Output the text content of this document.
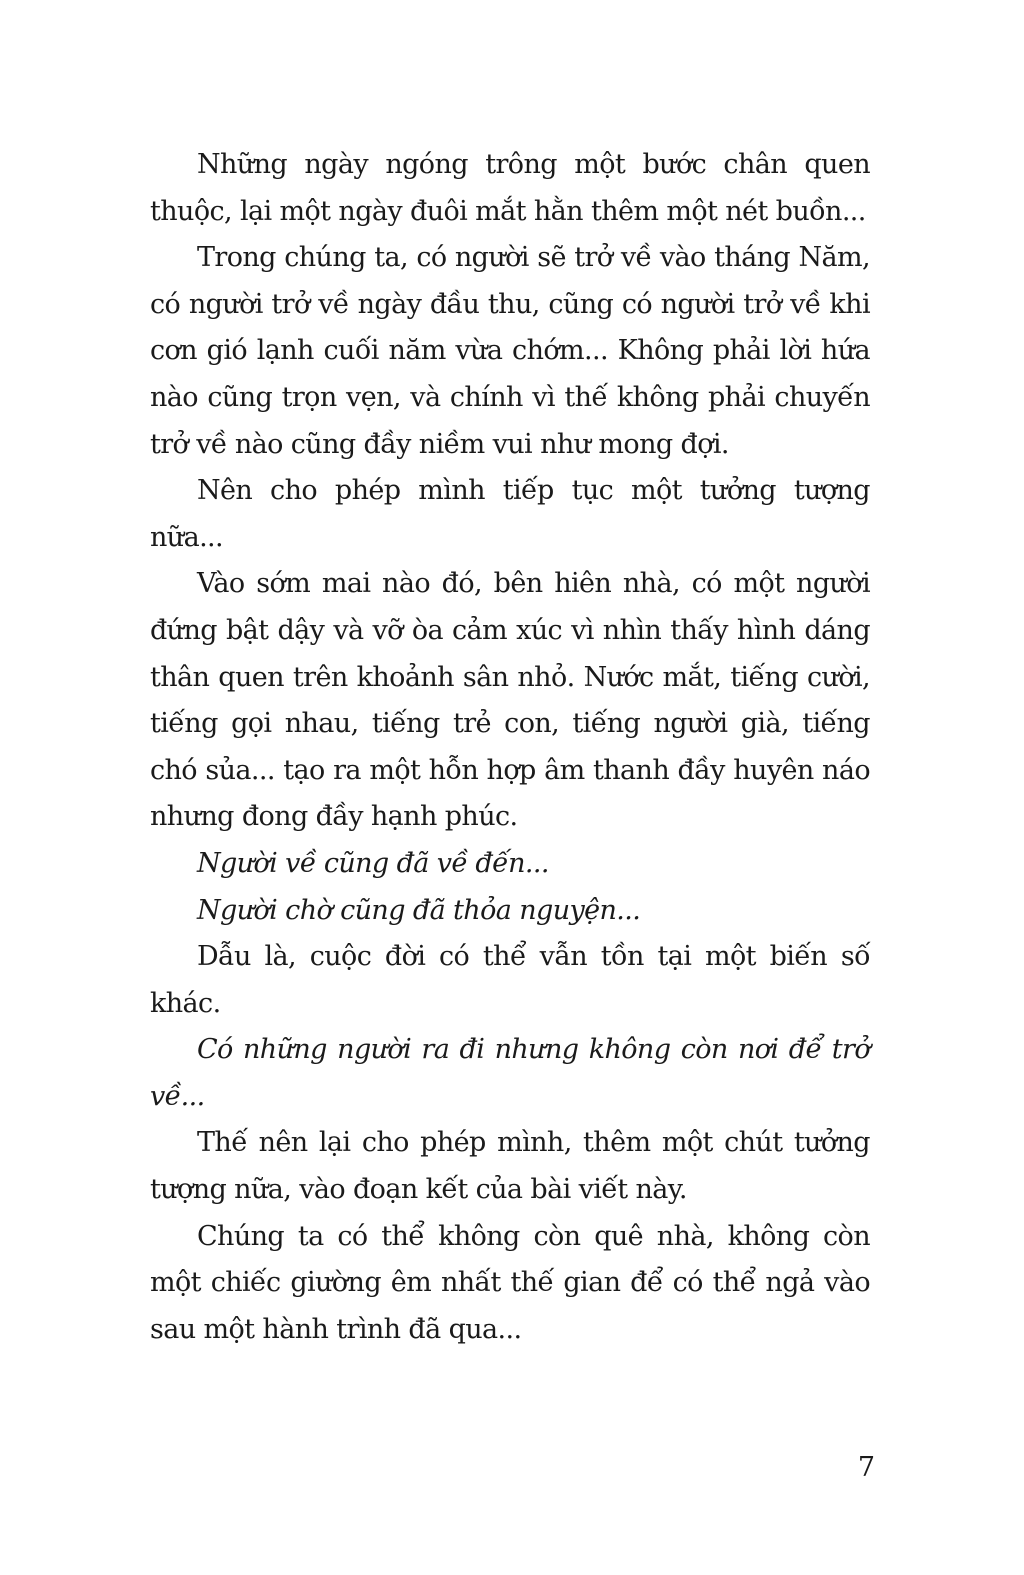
Những ngày ngóng trông một bước chân quen thuộc, lại một ngày đuôi mắt hằn thêm một nét buồn...

Trong chúng ta, có người sẽ trở về vào tháng Năm, có người trở về ngày đầu thu, cũng có người trở về khi cơn gió lạnh cuối năm vừa chớm... Không phải lời hứa nào cũng trọn vẹn, và chính vì thế không phải chuyến trở về nào cũng đầy niềm vui như mong đợi.

Nên cho phép mình tiếp tục một tưởng tượng nữa...

Vào sớm mai nào đó, bên hiên nhà, có một người đứng bật dậy và vỡ òa cảm xúc vì nhìn thấy hình dáng thân quen trên khoảnh sân nhỏ. Nước mắt, tiếng cười, tiếng gọi nhau, tiếng trẻ con, tiếng người già, tiếng chó sủa... tạo ra một hỗn hợp âm thanh đầy huyên náo nhưng đong đầy hạnh phúc.

Người về cũng đã về đến...

Người chờ cũng đã thỏa nguyện...

Dẫu là, cuộc đời có thể vẫn tồn tại một biến số khác.

Có những người ra đi nhưng không còn nơi để trở về...

Thế nên lại cho phép mình, thêm một chút tưởng tượng nữa, vào đoạn kết của bài viết này.

Chúng ta có thể không còn quê nhà, không còn một chiếc giường êm nhất thế gian để có thể ngả vào sau một hành trình đã qua...

7
